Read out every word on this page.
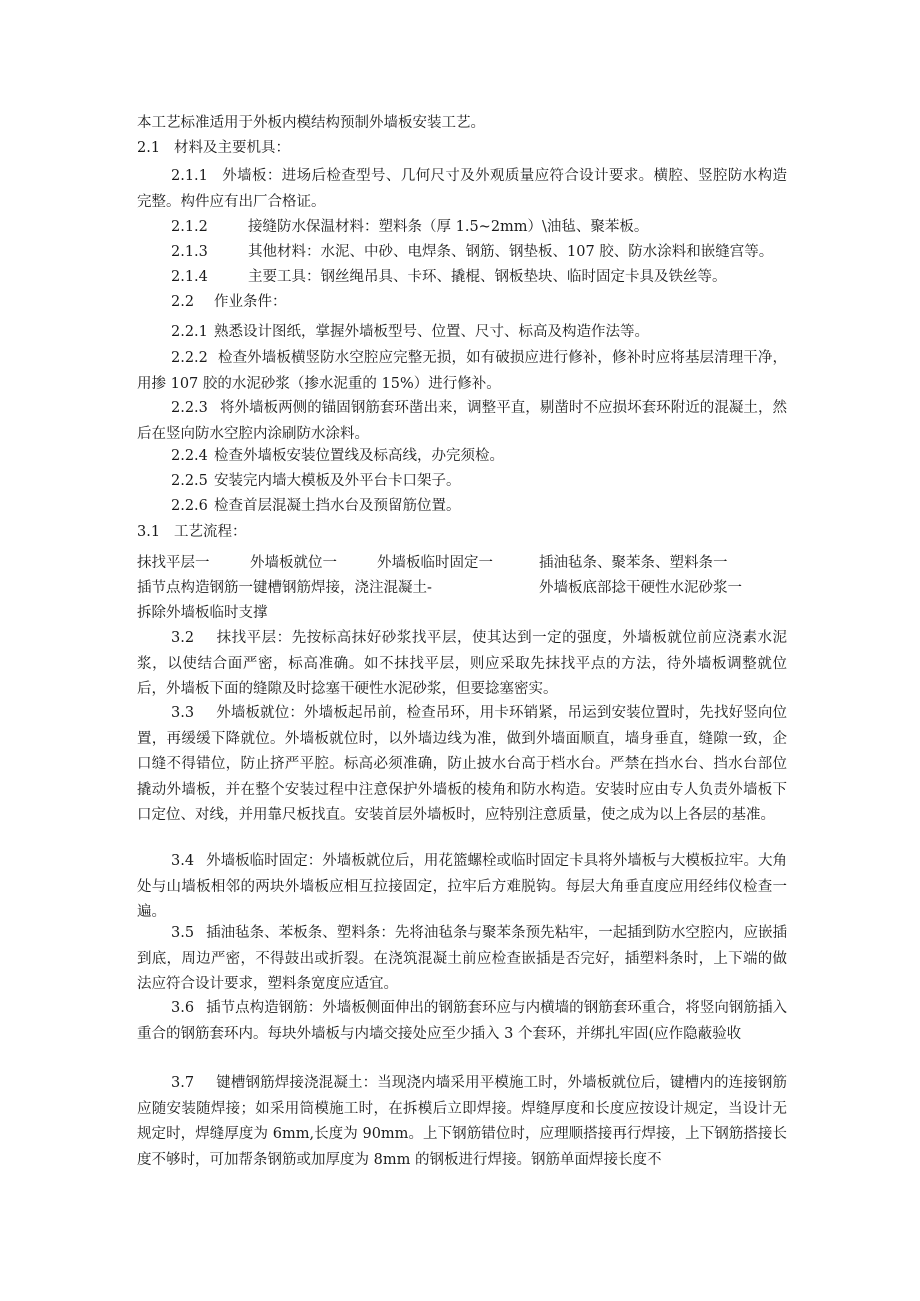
本工艺标准适用于外板内模结构预制外墙板安装工艺。
2.1 材料及主要机具：
2.1.1 外墙板：进场后检查型号、几何尺寸及外观质量应符合设计要求。横腔、竖腔防水构造完整。构件应有出厂合格证。
2.1.2	接缝防水保温材料：塑料条（厚 1.5~2mm）\油毡、聚苯板。
2.1.3	其他材料：水泥、中砂、电焊条、钢筋、钢垫板、107 胶、防水涂料和嵌缝宫等。
2.1.4	主要工具：钢丝绳吊具、卡环、撬棍、钢板垫块、临时固定卡具及铁丝等。
2.2 作业条件：
2.2.1 熟悉设计图纸，掌握外墙板型号、位置、尺寸、标高及构造作法等。
2.2.2 检查外墙板横竖防水空腔应完整无损，如有破损应进行修补，修补时应将基层清理干净，用掺 107 胶的水泥砂浆（掺水泥重的 15%）进行修补。
2.2.3 将外墙板两侧的锚固钢筋套环凿出来，调整平直，剔凿时不应损坏套环附近的混凝土，然后在竖向防水空腔内涂刷防水涂料。
2.2.4 检查外墙板安装位置线及标高线，办完须检。
2.2.5 安装完内墙大模板及外平台卡口架子。
2.2.6 检查首层混凝土挡水台及预留筋位置。
3.1 工艺流程：
抹找平层一	外墙板就位一	外墙板临时固定一	插油毡条、聚苯条、塑料条一
插节点构造钢筋一键槽钢筋焊接，浇注混凝土-	外墙板底部捻干硬性水泥砂浆一
拆除外墙板临时支撑
3.2 抹找平层：先按标高抹好砂浆找平层，使其达到一定的强度，外墙板就位前应浇素水泥浆，以使结合面严密，标高准确。如不抹找平层，则应采取先抹找平点的方法，待外墙板调整就位后，外墙板下面的缝隙及时捻塞干硬性水泥砂浆，但要捻塞密实。
3.3 外墙板就位：外墙板起吊前，检查吊环，用卡环销紧，吊运到安装位置时，先找好竖向位置，再缓缓下降就位。外墙板就位时，以外墙边线为准，做到外墙面顺直，墙身垂直，缝隙一致，企口缝不得错位，防止挤严平腔。标高必须准确，防止披水台高于档水台。严禁在挡水台、挡水台部位撬动外墙板，并在整个安装过程中注意保护外墙板的棱角和防水构造。安装时应由专人负责外墙板下口定位、对线，并用靠尺板找直。安装首层外墙板时，应特别注意质量，使之成为以上各层的基准。
3.4 外墙板临时固定：外墙板就位后，用花篮螺栓或临时固定卡具将外墙板与大模板拉牢。大角处与山墙板相邻的两块外墙板应相互拉接固定，拉牢后方难脱钩。每层大角垂直度应用经纬仪检查一遍。
3.5 插油毡条、苯板条、塑料条：先将油毡条与聚苯条预先粘牢，一起插到防水空腔内，应嵌插到底，周边严密，不得鼓出或折裂。在浇筑混凝土前应检查嵌插是否完好，插塑料条时，上下端的做法应符合设计要求，塑料条宽度应适宜。
3.6 插节点构造钢筋：外墙板侧面伸出的钢筋套环应与内横墙的钢筋套环重合，将竖向钢筋插入重合的钢筋套环内。每块外墙板与内墙交接处应至少插入 3 个套环，并绑扎牢固(应作隐蔽验收
3.7 键槽钢筋焊接浇混凝土：当现浇内墙采用平模施工时，外墙板就位后，键槽内的连接钢筋应随安装随焊接；如采用筒模施工时，在拆模后立即焊接。焊缝厚度和长度应按设计规定，当设计无规定时，焊缝厚度为 6mm,长度为 90mm。上下钢筋错位时，应理顺搭接再行焊接，上下钢筋搭接长度不够时，可加帮条钢筋或加厚度为 8mm 的钢板进行焊接。钢筋单面焊接长度不
